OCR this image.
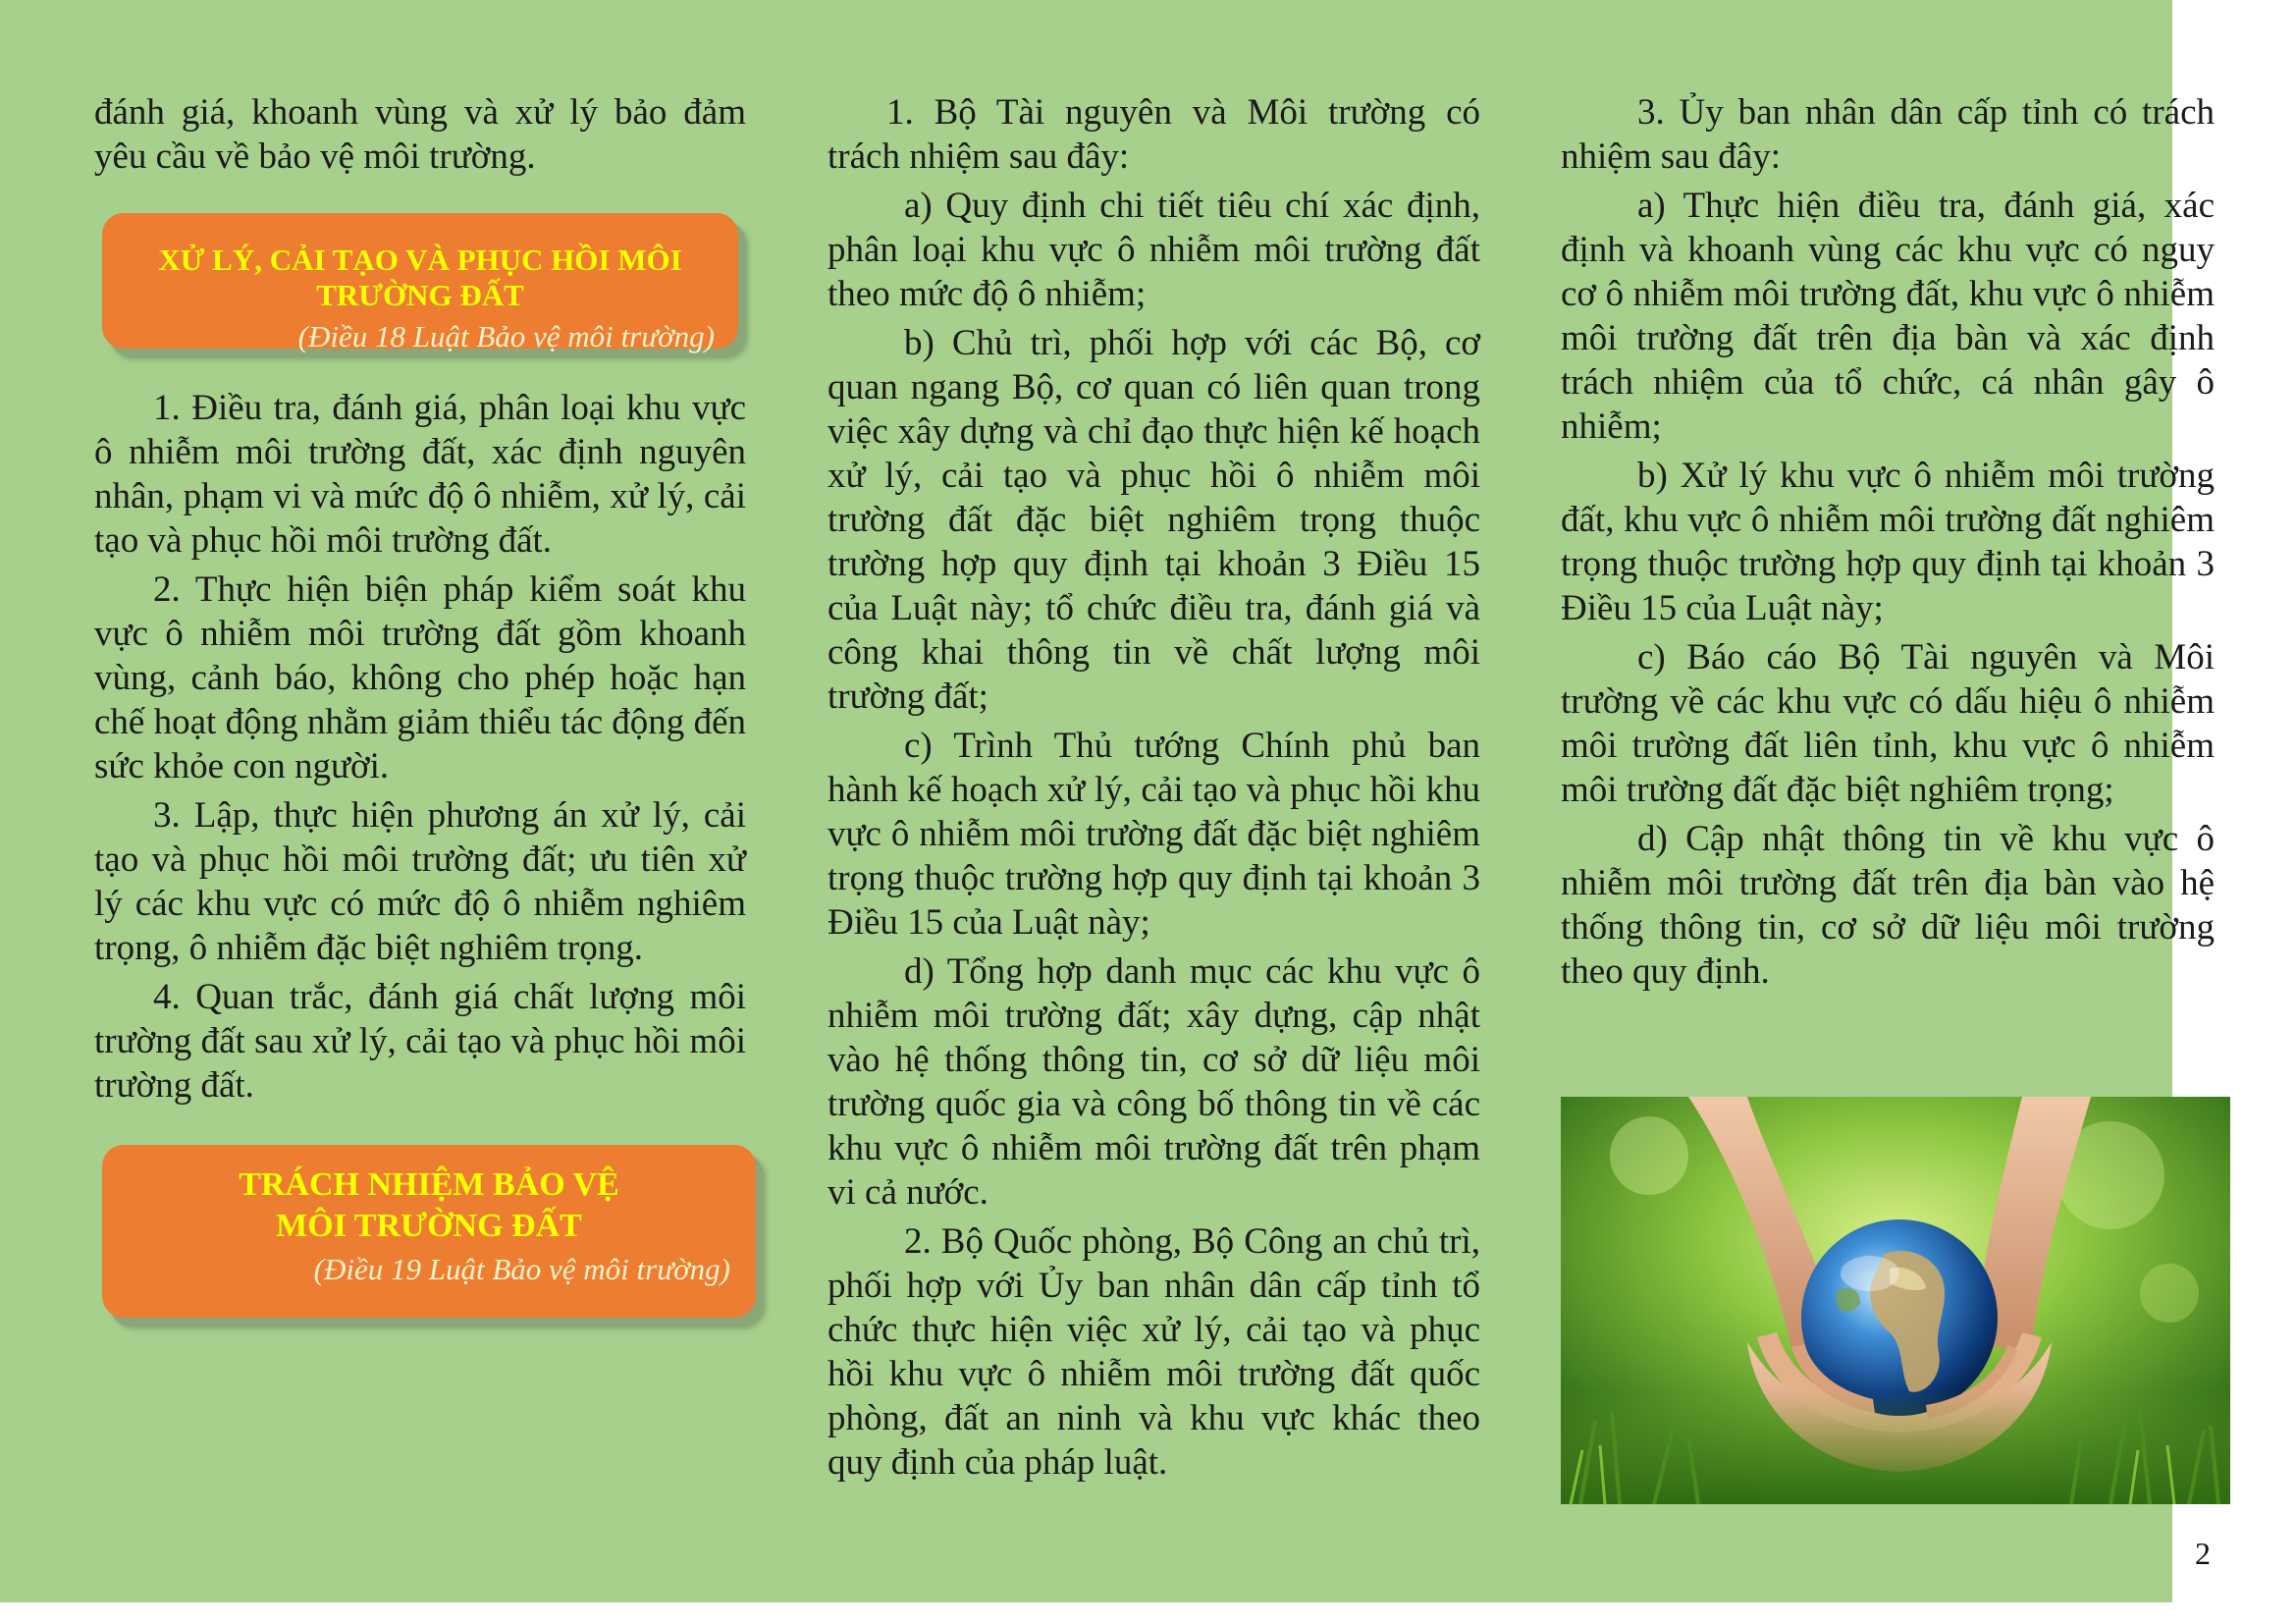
đánh giá, khoanh vùng và xử lý bảo đảm yêu cầu về bảo vệ môi trường.

XỬ LÝ, CẢI TẠO VÀ PHỤC HỒI MÔI
TRƯỜNG ĐẤT
(Điều 18 Luật Bảo vệ môi trường)

1. Điều tra, đánh giá, phân loại khu vực ô nhiễm môi trường đất, xác định nguyên nhân, phạm vi và mức độ ô nhiễm, xử lý, cải tạo và phục hồi môi trường đất.

2. Thực hiện biện pháp kiểm soát khu vực ô nhiễm môi trường đất gồm khoanh vùng, cảnh báo, không cho phép hoặc hạn chế hoạt động nhằm giảm thiểu tác động đến sức khỏe con người.

3. Lập, thực hiện phương án xử lý, cải tạo và phục hồi môi trường đất; ưu tiên xử lý các khu vực có mức độ ô nhiễm nghiêm trọng, ô nhiễm đặc biệt nghiêm trọng.

4. Quan trắc, đánh giá chất lượng môi trường đất sau xử lý, cải tạo và phục hồi môi trường đất.

TRÁCH NHIỆM BẢO VỆ
MÔI TRƯỜNG ĐẤT
(Điều 19 Luật Bảo vệ môi trường)

1. Bộ Tài nguyên và Môi trường có trách nhiệm sau đây:

a) Quy định chi tiết tiêu chí xác định, phân loại khu vực ô nhiễm môi trường đất theo mức độ ô nhiễm;

b) Chủ trì, phối hợp với các Bộ, cơ quan ngang Bộ, cơ quan có liên quan trong việc xây dựng và chỉ đạo thực hiện kế hoạch xử lý, cải tạo và phục hồi ô nhiễm môi trường đất đặc biệt nghiêm trọng thuộc trường hợp quy định tại khoản 3 Điều 15 của Luật này; tổ chức điều tra, đánh giá và công khai thông tin về chất lượng môi trường đất;

c) Trình Thủ tướng Chính phủ ban hành kế hoạch xử lý, cải tạo và phục hồi khu vực ô nhiễm môi trường đất đặc biệt nghiêm trọng thuộc trường hợp quy định tại khoản 3 Điều 15 của Luật này;

d) Tổng hợp danh mục các khu vực ô nhiễm môi trường đất; xây dựng, cập nhật vào hệ thống thông tin, cơ sở dữ liệu môi trường quốc gia và công bố thông tin về các khu vực ô nhiễm môi trường đất trên phạm vi cả nước.

2. Bộ Quốc phòng, Bộ Công an chủ trì, phối hợp với Ủy ban nhân dân cấp tỉnh tổ chức thực hiện việc xử lý, cải tạo và phục hồi khu vực ô nhiễm môi trường đất quốc phòng, đất an ninh và khu vực khác theo quy định của pháp luật.

3. Ủy ban nhân dân cấp tỉnh có trách nhiệm sau đây:

a) Thực hiện điều tra, đánh giá, xác định và khoanh vùng các khu vực có nguy cơ ô nhiễm môi trường đất, khu vực ô nhiễm môi trường đất trên địa bàn và xác định trách nhiệm của tổ chức, cá nhân gây ô nhiễm;

b) Xử lý khu vực ô nhiễm môi trường đất, khu vực ô nhiễm môi trường đất nghiêm trọng thuộc trường hợp quy định tại khoản 3 Điều 15 của Luật này;

c) Báo cáo Bộ Tài nguyên và Môi trường về các khu vực có dấu hiệu ô nhiễm môi trường đất liên tỉnh, khu vực ô nhiễm môi trường đất đặc biệt nghiêm trọng;

d) Cập nhật thông tin về khu vực ô nhiễm môi trường đất trên địa bàn vào hệ thống thông tin, cơ sở dữ liệu môi trường theo quy định.

2
